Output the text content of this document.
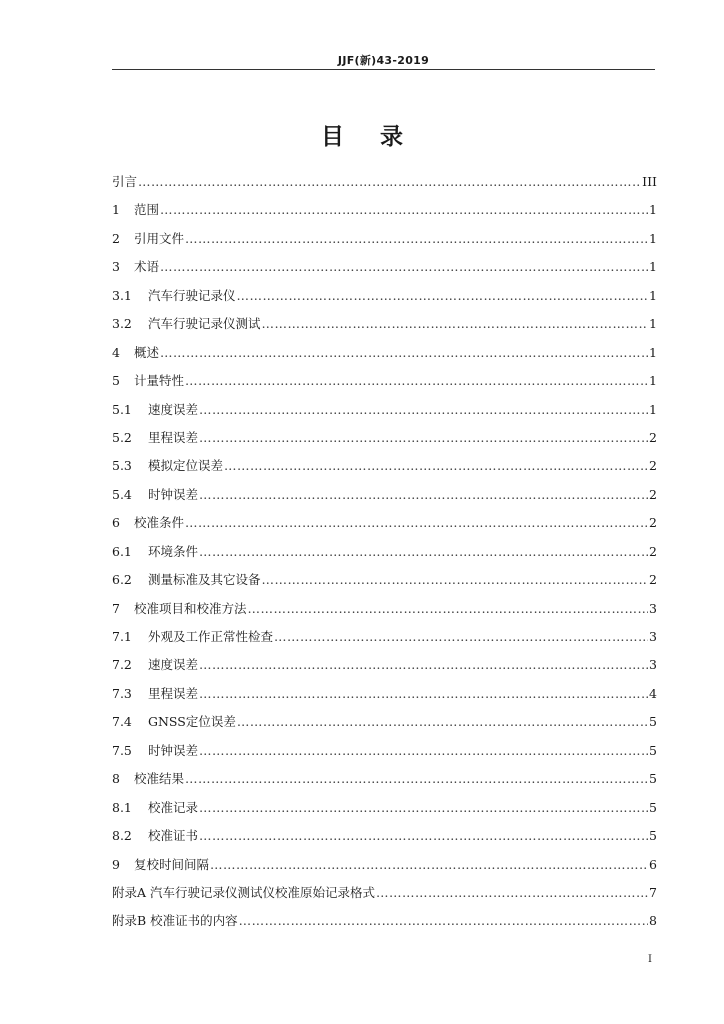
JJF(新)43-2019
目录
引言 ……………………………………………………………………………………………………………………………………………………………………………………………………	III
1	范围 ……………………………………………………………………………………………………………………………………………………………………………………………………	1
2	引用文件 ……………………………………………………………………………………………………………………………………………………………………………………………………	1
3	术语 ……………………………………………………………………………………………………………………………………………………………………………………………………	1
3.1	汽车行驶记录仪 ……………………………………………………………………………………………………………………………………………………………………………………………………	1
3.2	汽车行驶记录仪测试 ……………………………………………………………………………………………………………………………………………………………………………………………………	1
4	概述 ……………………………………………………………………………………………………………………………………………………………………………………………………	1
5	计量特性 ……………………………………………………………………………………………………………………………………………………………………………………………………	1
5.1	速度误差 ……………………………………………………………………………………………………………………………………………………………………………………………………	1
5.2	里程误差 ……………………………………………………………………………………………………………………………………………………………………………………………………	2
5.3	模拟定位误差 ……………………………………………………………………………………………………………………………………………………………………………………………………	2
5.4	时钟误差 ……………………………………………………………………………………………………………………………………………………………………………………………………	2
6	校准条件 ……………………………………………………………………………………………………………………………………………………………………………………………………	2
6.1	环境条件 ……………………………………………………………………………………………………………………………………………………………………………………………………	2
6.2	测量标准及其它设备 ……………………………………………………………………………………………………………………………………………………………………………………………………	2
7	校准项目和校准方法 ……………………………………………………………………………………………………………………………………………………………………………………………………	3
7.1	外观及工作正常性检查 ……………………………………………………………………………………………………………………………………………………………………………………………………	3
7.2	速度误差 ……………………………………………………………………………………………………………………………………………………………………………………………………	3
7.3	里程误差 ……………………………………………………………………………………………………………………………………………………………………………………………………	4
7.4	GNSS定位误差 ……………………………………………………………………………………………………………………………………………………………………………………………………	5
7.5	时钟误差 ……………………………………………………………………………………………………………………………………………………………………………………………………	5
8	校准结果 ……………………………………………………………………………………………………………………………………………………………………………………………………	5
8.1	校准记录 ……………………………………………………………………………………………………………………………………………………………………………………………………	5
8.2	校准证书 ……………………………………………………………………………………………………………………………………………………………………………………………………	5
9	复校时间间隔 ……………………………………………………………………………………………………………………………………………………………………………………………………	6
附录A 汽车行驶记录仪测试仪校准原始记录格式 ……………………………………………………………………………………………………………………………………………………………………………………………………	7
附录B 校准证书的内容 ……………………………………………………………………………………………………………………………………………………………………………………………………	8
I
